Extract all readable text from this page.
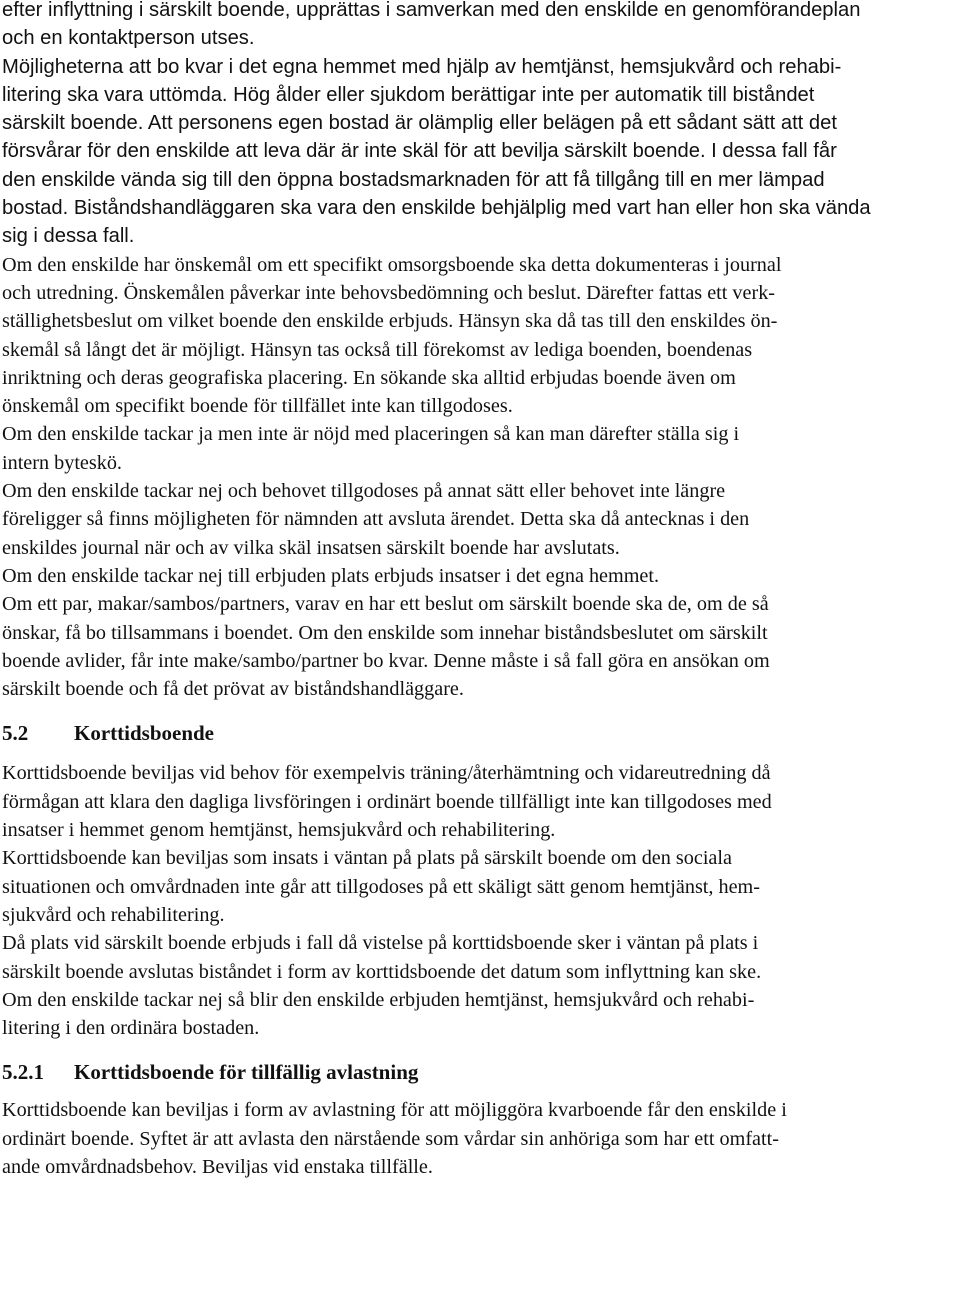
efter inflyttning i särskilt boende, upprättas i samverkan med den enskilde en genomförandeplan
och en kontaktperson utses.

Möjligheterna att bo kvar i det egna hemmet med hjälp av hemtjänst, hemsjukvård och rehabi-
litering ska vara uttömda. Hög ålder eller sjukdom berättigar inte per automatik till biståndet
särskilt boende. Att personens egen bostad är olämplig eller belägen på ett sådant sätt att det
försvårar för den enskilde att leva där är inte skäl för att bevilja särskilt boende. I dessa fall får
den enskilde vända sig till den öppna bostadsmarknaden för att få tillgång till en mer lämpad
bostad. Biståndshandläggaren ska vara den enskilde behjälplig med vart han eller hon ska vända
sig i dessa fall.

Om den enskilde har önskemål om ett specifikt omsorgsboende ska detta dokumenteras i journal
och utredning. Önskemålen påverkar inte behovsbedömning och beslut. Därefter fattas ett verk-
ställighetsbeslut om vilket boende den enskilde erbjuds. Hänsyn ska då tas till den enskildes ön-
skemål så långt det är möjligt. Hänsyn tas också till förekomst av lediga boenden, boendenas
inriktning och deras geografiska placering. En sökande ska alltid erbjudas boende även om
önskemål om specifikt boende för tillfället inte kan tillgodoses.

Om den enskilde tackar ja men inte är nöjd med placeringen så kan man därefter ställa sig i
intern byteskö.

Om den enskilde tackar nej och behovet tillgodoses på annat sätt eller behovet inte längre
föreligger så finns möjligheten för nämnden att avsluta ärendet. Detta ska då antecknas i den
enskildes journal när och av vilka skäl insatsen särskilt boende har avslutats.

Om den enskilde tackar nej till erbjuden plats erbjuds insatser i det egna hemmet.

Om ett par, makar/sambos/partners, varav en har ett beslut om särskilt boende ska de, om de så
önskar, få bo tillsammans i boendet. Om den enskilde som innehar biståndsbeslutet om särskilt
boende avlider, får inte make/sambo/partner bo kvar. Denne måste i så fall göra en ansökan om
särskilt boende och få det prövat av biståndshandläggare.

5.2 Korttidsboende

Korttidsboende beviljas vid behov för exempelvis träning/återhämtning och vidareutredning då
förmågan att klara den dagliga livsföringen i ordinärt boende tillfälligt inte kan tillgodoses med
insatser i hemmet genom hemtjänst, hemsjukvård och rehabilitering.

Korttidsboende kan beviljas som insats i väntan på plats på särskilt boende om den sociala
situationen och omvårdnaden inte går att tillgodoses på ett skäligt sätt genom hemtjänst, hem-
sjukvård och rehabilitering.

Då plats vid särskilt boende erbjuds i fall då vistelse på korttidsboende sker i väntan på plats i
särskilt boende avslutas biståndet i form av korttidsboende det datum som inflyttning kan ske.
Om den enskilde tackar nej så blir den enskilde erbjuden hemtjänst, hemsjukvård och rehabi-
litering i den ordinära bostaden.

5.2.1 Korttidsboende för tillfällig avlastning

Korttidsboende kan beviljas i form av avlastning för att möjliggöra kvarboende får den enskilde i
ordinärt boende. Syftet är att avlasta den närstående som vårdar sin anhöriga som har ett omfatt-
ande omvårdnadsbehov. Beviljas vid enstaka tillfälle.
